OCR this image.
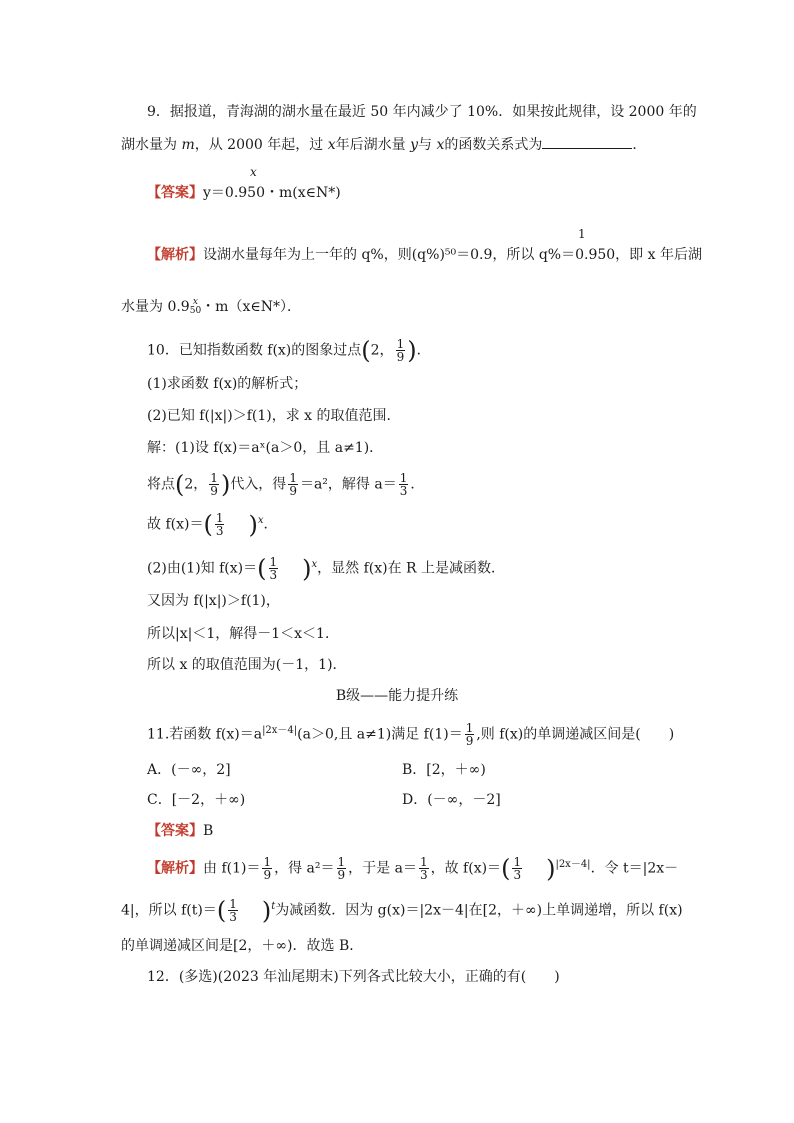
9．据报道，青海湖的湖水量在最近 50 年内减少了 10%．如果按此规律，设 2000 年的
湖水量为 m，从 2000 年起，过 x年后湖水量 y与 x的函数关系式为	．
x
【答案】y＝0.950・m(x∈N*)
1
【解析】设湖水量每年为上一年的 q%，则(q%)⁵⁰＝0.9，所以 q%＝0.950，即 x 年后湖
水量为 0.9 x
50 ・m（x∈N*）．
10．已知指数函数 f(x)的图象过点(2， $\frac{1}{9}$ )．
(1)求函数 f(x)的解析式；
(2)已知 f(|x|)＞f(1)，求 x 的取值范围．
解：(1)设 f(x)＝aˣ(a＞0，且 a≠1)．
将点(2， $\frac{1}{9}$ )代入，得 $\frac{1}{9} =a^2$，解得 $a= \frac{1}{3}$ ．
故 $f(x)=( \frac{1}{3} )^x$．
(2)由(1)知 $f(x)=( \frac{1}{3} )^x$，显然 f(x)在 R 上是减函数．
又因为 f(|x|)＞f(1)，
所以|x|＜1，解得－1＜x＜1．
所以 x 的取值范围为(－1，1)．
B级——能力提升练
11.若函数 $f(x)=a^{|2x-4|}(a>0$,且 a≠1)满足 $f(1)= \frac{1}{9}$ ,则 f(x)的单调递减区间是(　　)
A．(－∞，2]	B．[2，＋∞)
C．[－2，＋∞)	D．(－∞，－2]
【答案】B
【解析】由 $f(1)= \frac{1}{9}$ ，得 $a^2= \frac{1}{9}$ ，于是 $a= \frac{1}{3}$ ，故 $f(x)=( \frac{1}{3} )^{|2x-4|}$．令 t＝|2x－
4|，所以 $f(t)=( \frac{1}{3} )^t$为减函数．因为 g(x)＝|2x－4|在[2，＋∞)上单调递增，所以 f(x)
的单调递减区间是[2，＋∞)．故选 B．
12．(多选)(2023 年汕尾期末)下列各式比较大小，正确的有(　　)
